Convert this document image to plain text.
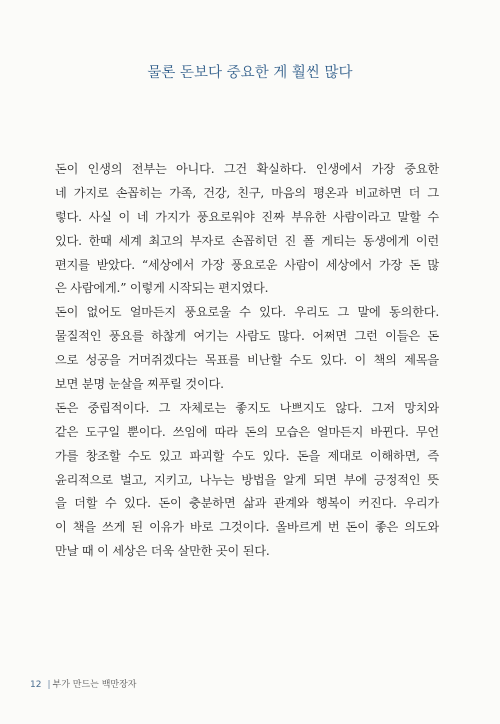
물론 돈보다 중요한 게 훨씬 많다
돈이 인생의 전부는 아니다. 그건 확실하다. 인생에서 가장 중요한
네 가지로 손꼽히는 가족, 건강, 친구, 마음의 평온과 비교하면 더 그
렇다. 사실 이 네 가지가 풍요로워야 진짜 부유한 사람이라고 말할 수
있다. 한때 세계 최고의 부자로 손꼽히던 진 폴 게티는 동생에게 이런
편지를 받았다. “세상에서 가장 풍요로운 사람이 세상에서 가장 돈 많
은 사람에게.” 이렇게 시작되는 편지였다.
돈이 없어도 얼마든지 풍요로울 수 있다. 우리도 그 말에 동의한다.
물질적인 풍요를 하찮게 여기는 사람도 많다. 어쩌면 그런 이들은 돈
으로 성공을 거머쥐겠다는 목표를 비난할 수도 있다. 이 책의 제목을
보면 분명 눈살을 찌푸릴 것이다.
돈은 중립적이다. 그 자체로는 좋지도 나쁘지도 않다. 그저 망치와
같은 도구일 뿐이다. 쓰임에 따라 돈의 모습은 얼마든지 바뀐다. 무언
가를 창조할 수도 있고 파괴할 수도 있다. 돈을 제대로 이해하면, 즉
윤리적으로 벌고, 지키고, 나누는 방법을 알게 되면 부에 긍정적인 뜻
을 더할 수 있다. 돈이 충분하면 삶과 관계와 행복이 커진다. 우리가
이 책을 쓰게 된 이유가 바로 그것이다. 올바르게 번 돈이 좋은 의도와
만날 때 이 세상은 더욱 살만한 곳이 된다.
12 | 부가 만드는 백만장자
